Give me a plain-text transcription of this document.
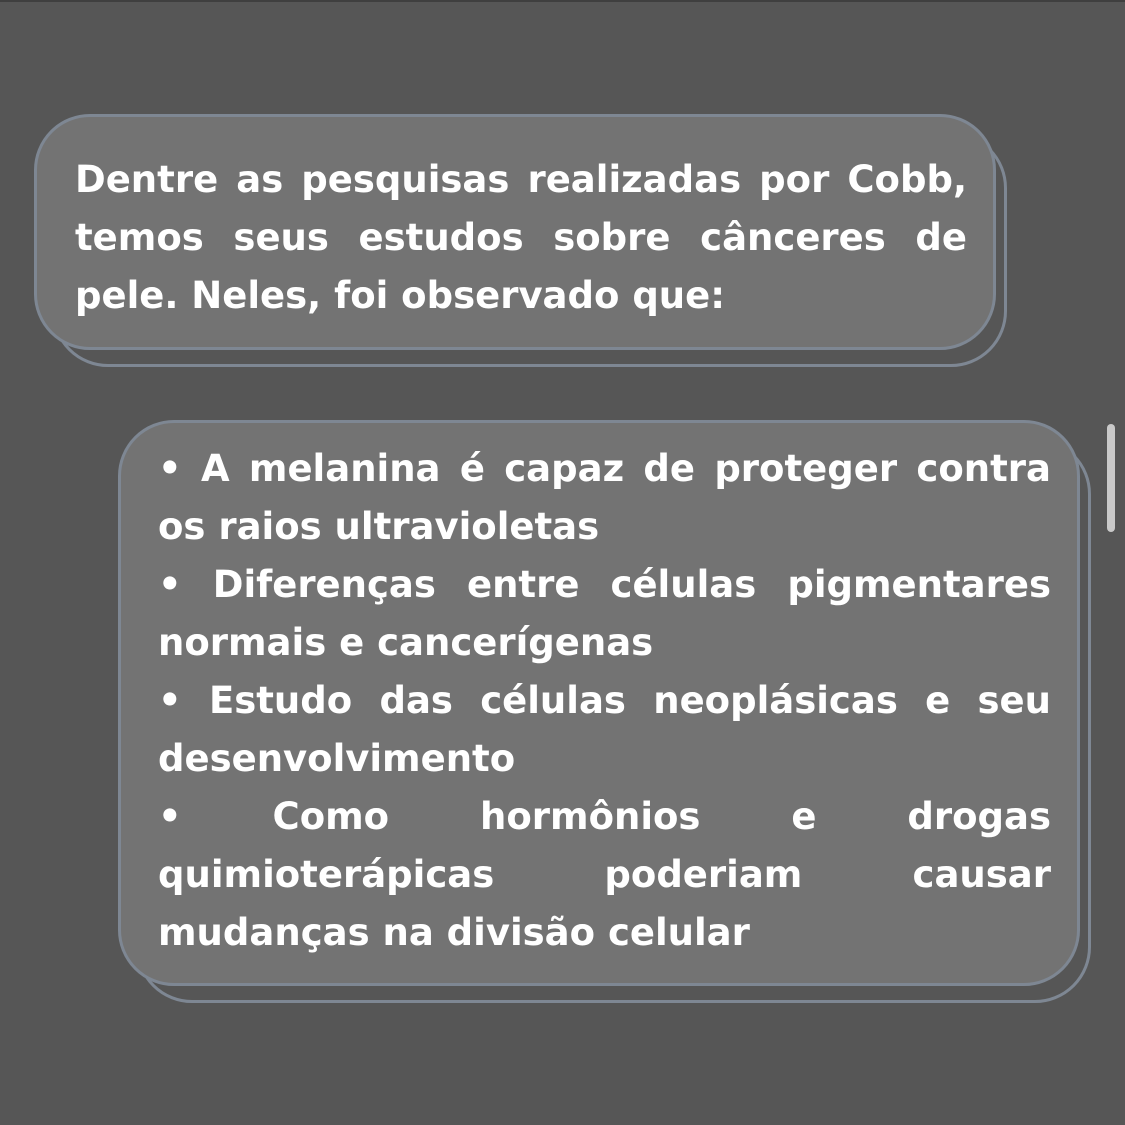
Dentre as pesquisas realizadas por Cobb, temos seus estudos sobre cânceres de pele. Neles, foi observado que:

• A melanina é capaz de proteger contra os raios ultravioletas

• Diferenças entre células pigmentares normais e cancerígenas

• Estudo das células neoplásicas e seu desenvolvimento

• Como hormônios e drogas quimioterápicas poderiam causar mudanças na divisão celular
